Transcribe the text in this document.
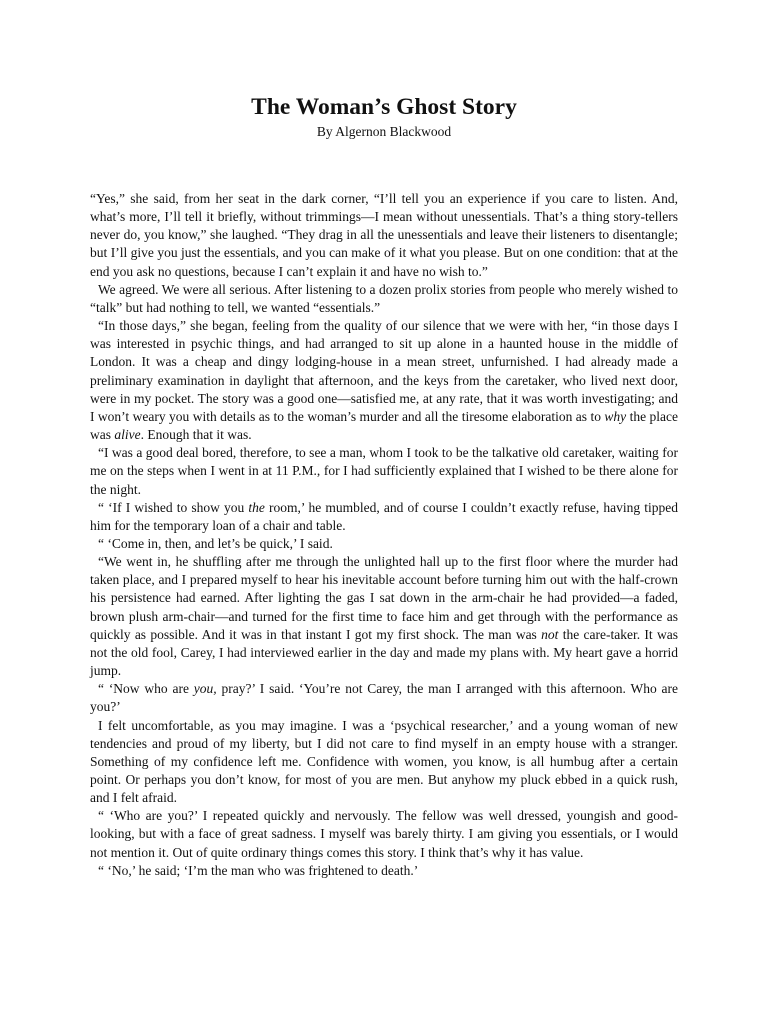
The Woman’s Ghost Story
By Algernon Blackwood

“Yes,” she said, from her seat in the dark corner, “I’ll tell you an experience if you care to listen. And, what’s more, I’ll tell it briefly, without trimmings—I mean without unessentials. That’s a thing story-tellers never do, you know,” she laughed. “They drag in all the unessentials and leave their listeners to disentangle; but I’ll give you just the essentials, and you can make of it what you please. But on one condition: that at the end you ask no questions, because I can’t explain it and have no wish to.”

We agreed. We were all serious. After listening to a dozen prolix stories from people who merely wished to “talk” but had nothing to tell, we wanted “essentials.”

“In those days,” she began, feeling from the quality of our silence that we were with her, “in those days I was interested in psychic things, and had arranged to sit up alone in a haunted house in the middle of London. It was a cheap and dingy lodging-house in a mean street, unfurnished. I had already made a preliminary examination in daylight that afternoon, and the keys from the caretaker, who lived next door, were in my pocket. The story was a good one—satisfied me, at any rate, that it was worth investigating; and I won’t weary you with details as to the woman’s murder and all the tiresome elaboration as to why the place was alive. Enough that it was.

“I was a good deal bored, therefore, to see a man, whom I took to be the talkative old caretaker, waiting for me on the steps when I went in at 11 P.M., for I had sufficiently explained that I wished to be there alone for the night.

“ ‘If I wished to show you the room,’ he mumbled, and of course I couldn’t exactly refuse, having tipped him for the temporary loan of a chair and table.

“ ‘Come in, then, and let’s be quick,’ I said.

“We went in, he shuffling after me through the unlighted hall up to the first floor where the murder had taken place, and I prepared myself to hear his inevitable account before turning him out with the half-crown his persistence had earned. After lighting the gas I sat down in the arm-chair he had provided—a faded, brown plush arm-chair—and turned for the first time to face him and get through with the performance as quickly as possible. And it was in that instant I got my first shock. The man was not the care-taker. It was not the old fool, Carey, I had interviewed earlier in the day and made my plans with. My heart gave a horrid jump.

“ ‘Now who are you, pray?’ I said. ‘You’re not Carey, the man I arranged with this afternoon. Who are you?’

I felt uncomfortable, as you may imagine. I was a ‘psychical researcher,’ and a young woman of new tendencies and proud of my liberty, but I did not care to find myself in an empty house with a stranger. Something of my confidence left me. Confidence with women, you know, is all humbug after a certain point. Or perhaps you don’t know, for most of you are men. But anyhow my pluck ebbed in a quick rush, and I felt afraid.

“ ‘Who are you?’ I repeated quickly and nervously. The fellow was well dressed, youngish and good-looking, but with a face of great sadness. I myself was barely thirty. I am giving you essentials, or I would not mention it. Out of quite ordinary things comes this story. I think that’s why it has value.

“ ‘No,’ he said; ‘I’m the man who was frightened to death.’
